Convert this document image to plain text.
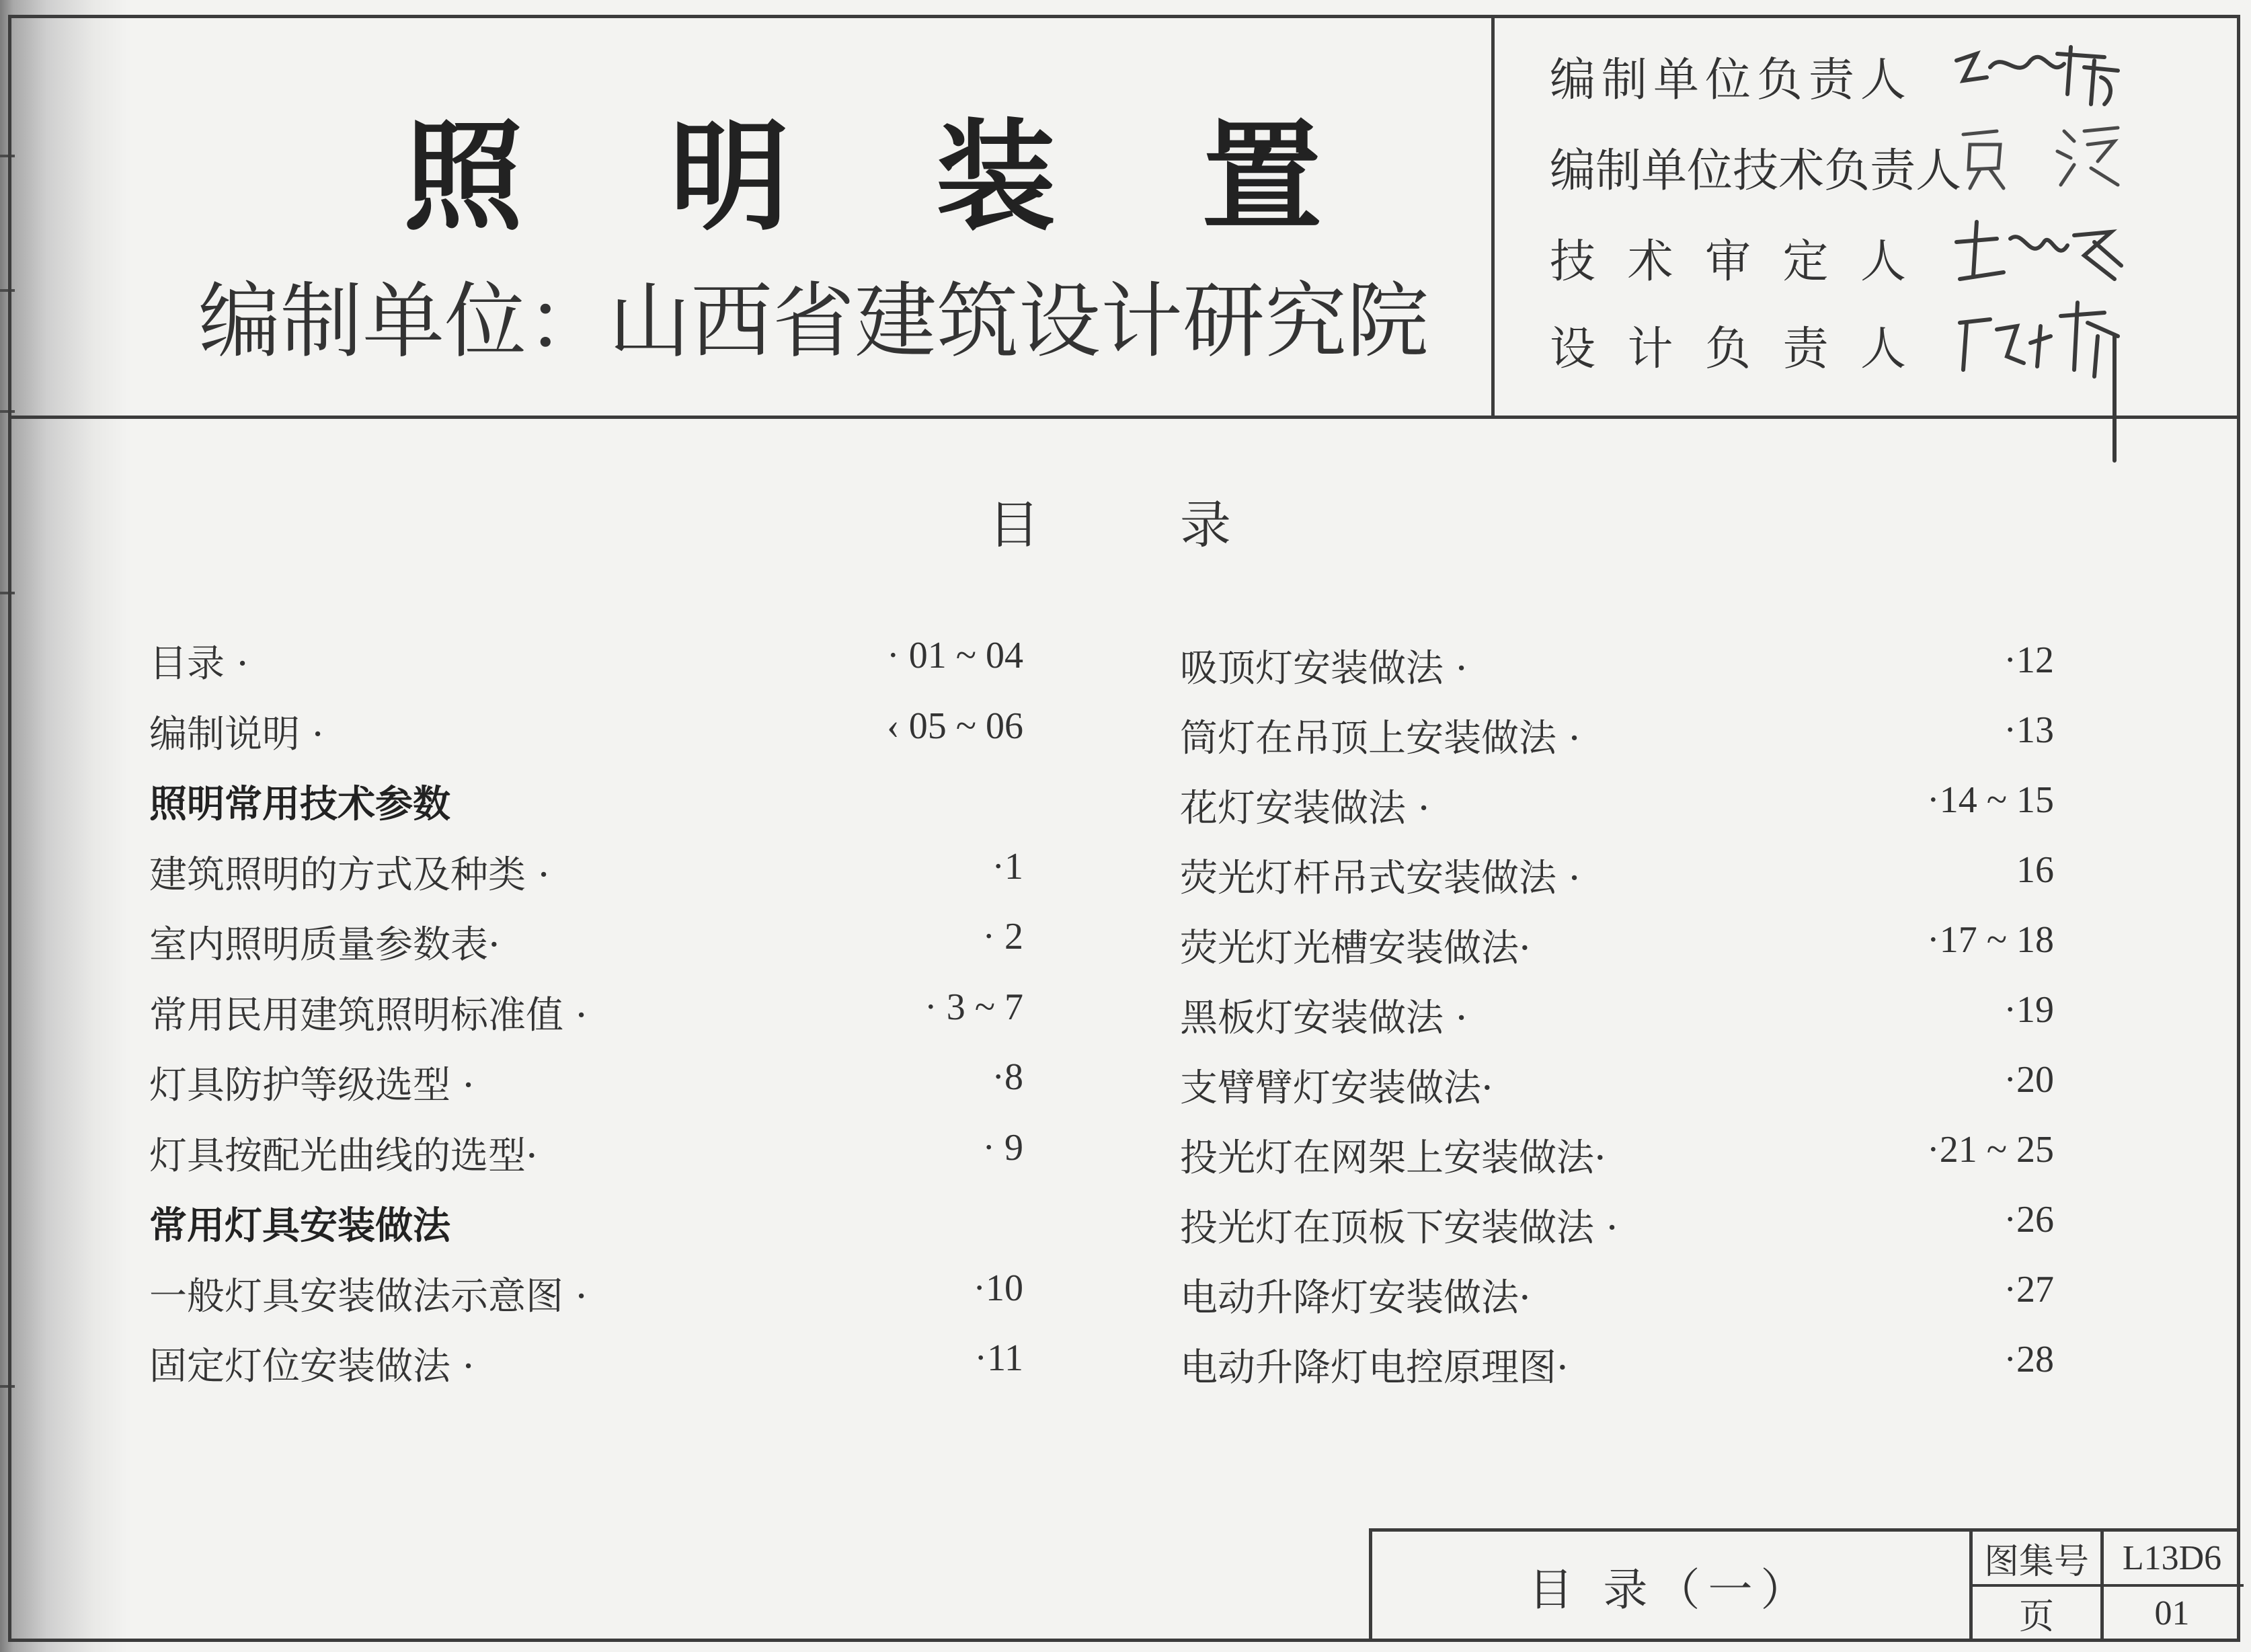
照 明 装 置
编制单位：山西省建筑设计研究院
编 制 单 位 负 责 人
编 制 单 位 技 术 负 责 人
技 术 审 定 人
设 计 负 责 人
目	录
目录 ·	· 01 ~ 04
编制说明 ·	‹ 05 ~ 06
照明常用技术参数
建筑照明的方式及种类 ·	·1
室内照明质量参数表·	· 2
常用民用建筑照明标准值 ·	· 3 ~ 7
灯具防护等级选型 ·	·8
灯具按配光曲线的选型·	· 9
常用灯具安装做法
一般灯具安装做法示意图 ·	·10
固定灯位安装做法 ·	·11
吸顶灯安装做法 ·	·12
筒灯在吊顶上安装做法 ·	·13
花灯安装做法 ·	·14 ~ 15
荧光灯杆吊式安装做法 ·	16
荧光灯光槽安装做法·	·17 ~ 18
黑板灯安装做法 ·	·19
支臂臂灯安装做法·	·20
投光灯在网架上安装做法·	·21 ~ 25
投光灯在顶板下安装做法 ·	·26
电动升降灯安装做法·	·27
电动升降灯电控原理图·	·28
目 录（一）
图集号 L13D6
页	01
